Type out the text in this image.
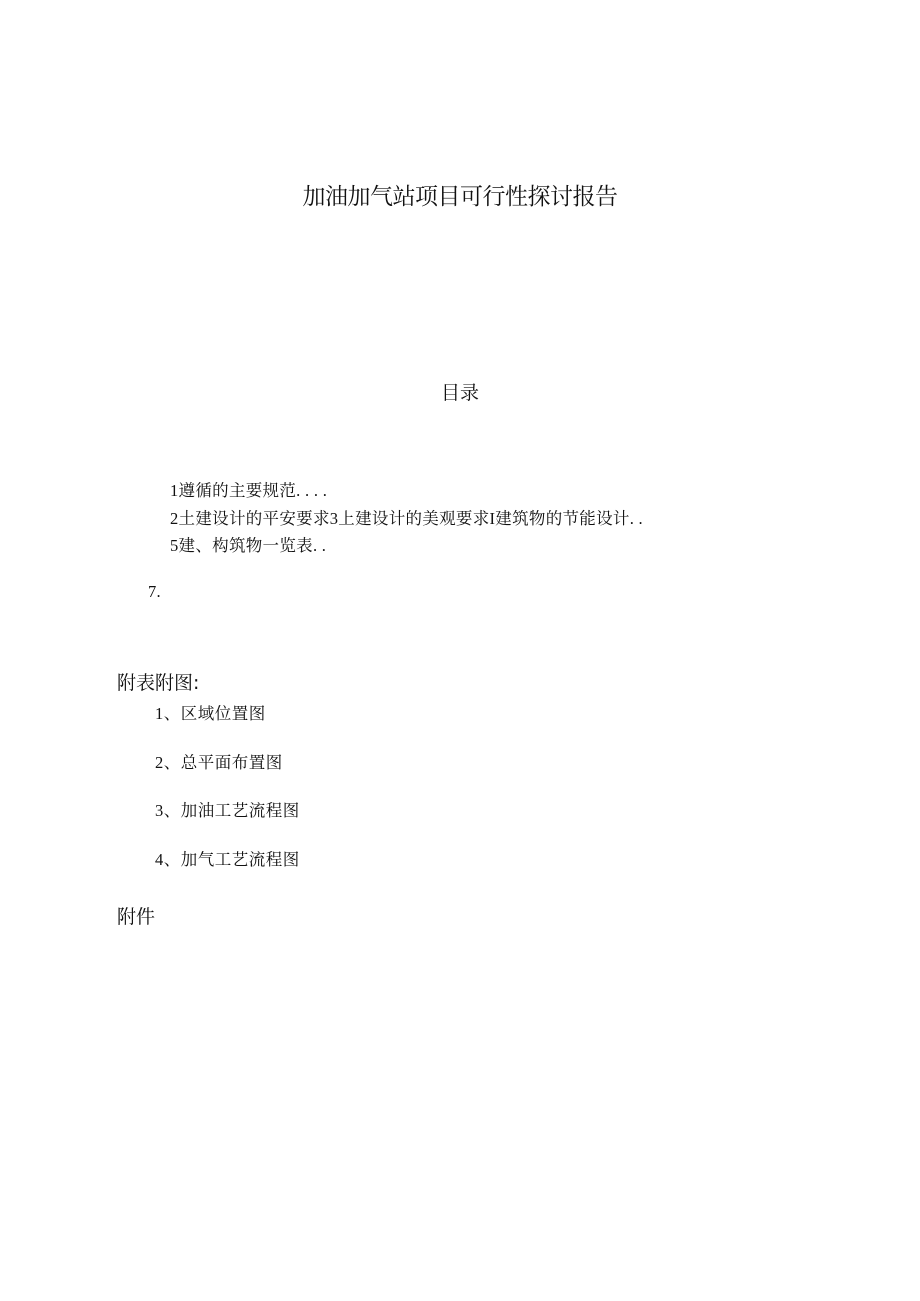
加油加气站项目可行性探讨报告
目录
1遵循的主要规范. . . .
2土建设计的平安要求3上建设计的美观要求I建筑物的节能设计. .
5建、构筑物一览表. .
7.
附表附图:
1、区域位置图
2、总平面布置图
3、加油工艺流程图
4、加气工艺流程图
附件
